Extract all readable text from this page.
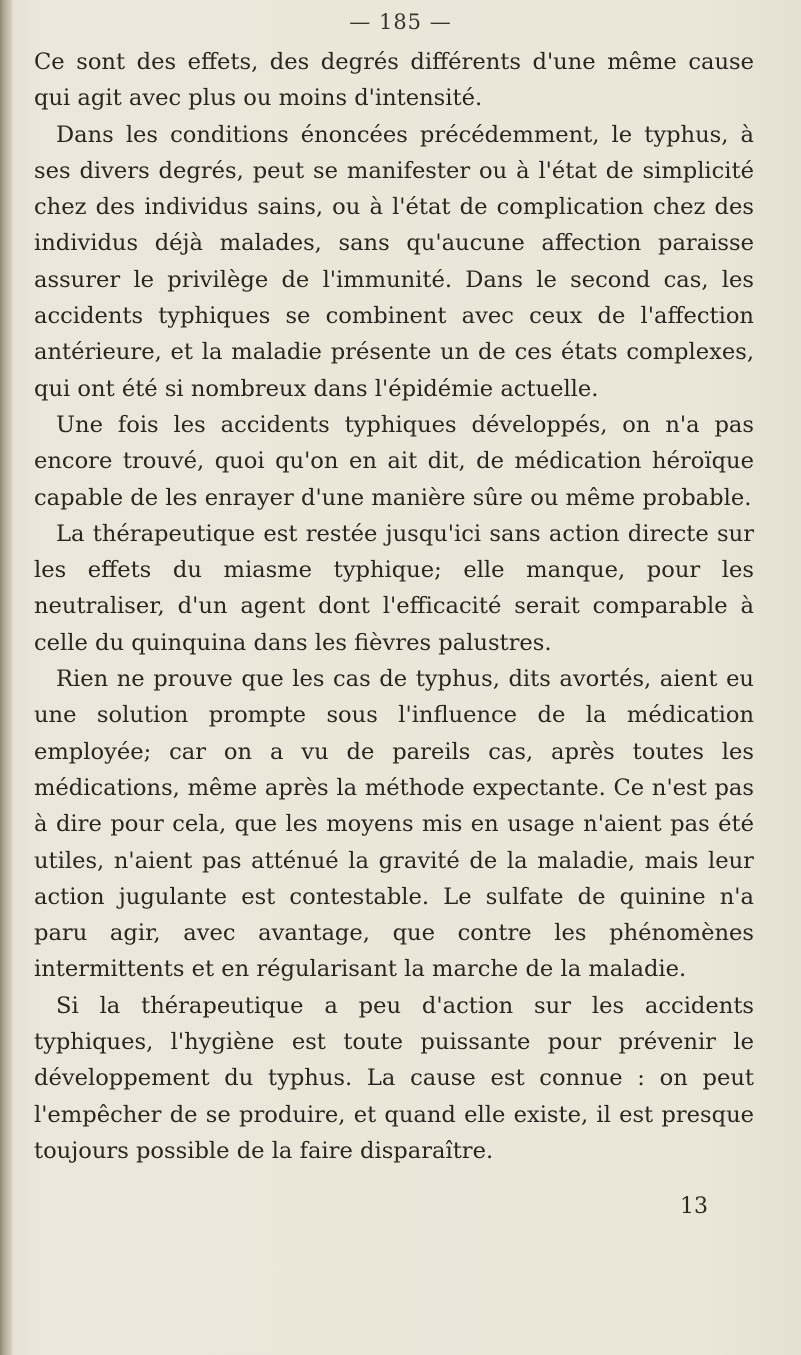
— 185 —

Ce sont des effets, des degrés différents d'une même cause qui agit avec plus ou moins d'intensité.

Dans les conditions énoncées précédemment, le typhus, à ses divers degrés, peut se manifester ou à l'état de simplicité chez des individus sains, ou à l'état de complication chez des individus déjà malades, sans qu'aucune affection paraisse assurer le privilège de l'immunité. Dans le second cas, les accidents typhiques se combinent avec ceux de l'affection antérieure, et la maladie présente un de ces états complexes, qui ont été si nombreux dans l'épidémie actuelle.

Une fois les accidents typhiques développés, on n'a pas encore trouvé, quoi qu'on en ait dit, de médication héroïque capable de les enrayer d'une manière sûre ou même probable.

La thérapeutique est restée jusqu'ici sans action directe sur les effets du miasme typhique; elle manque, pour les neutraliser, d'un agent dont l'efficacité serait comparable à celle du quinquina dans les fièvres palustres.

Rien ne prouve que les cas de typhus, dits avortés, aient eu une solution prompte sous l'influence de la médication employée; car on a vu de pareils cas, après toutes les médications, même après la méthode expectante. Ce n'est pas à dire pour cela, que les moyens mis en usage n'aient pas été utiles, n'aient pas atténué la gravité de la maladie, mais leur action jugulante est contestable. Le sulfate de quinine n'a paru agir, avec avantage, que contre les phénomènes intermittents et en régularisant la marche de la maladie.

Si la thérapeutique a peu d'action sur les accidents typhiques, l'hygiène est toute puissante pour prévenir le développement du typhus. La cause est connue : on peut l'empêcher de se produire, et quand elle existe, il est presque toujours possible de la faire disparaître.

13
